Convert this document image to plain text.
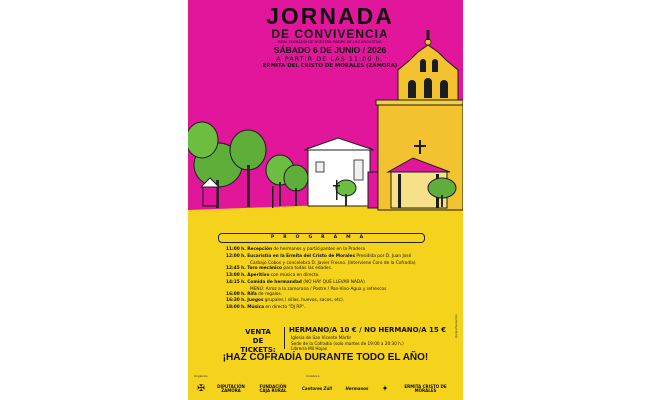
JORNADA
DE CONVIVENCIA
REAL COFRADÍA DE NUESTRA MADRE DE LAS ANGUSTIAS
SÁBADO 6 DE JUNIO / 2026
A PARTIR DE LAS 11:00 h.
ERMITA DEL CRISTO DE MORALES (ZAMORA)
PROGRAMA
11:00 h. Recepción de hermanos y participantes en la Pradera
12:00 h. Eucaristía en la Ermita del Cristo de Morales Presidida por D. Juan José
Carbajo Cobos y concelebra D. Javier Fresno. (Interviene Coro de la Cofradía)
12:45 h. Toro mecánico para todas las edades.
13:00 h. Aperitivo con música en directo.
14:15 h. Comida de hermandad (NO HAY QUE LLEVAR NADA)
MENÚ: Arroz a la zamorana / Postre / Pan-Vino-Agua y refrescos
16:00 h. Rifa de regalos.
16:30 h. Juegos grupales ( sillas, huevos, sacos, etc).
18:00 h. Música en directo "DJ RP".
VENTA
DE TICKETS:
HERMANO/A 10 € / NO HERMANO/A 15 €
Iglesia de San Vicente Mártir
Sede de la Cofradía (solo martes de 19:00 a 20:30 h.)
Librería Mil Hojas
¡HAZ COFRADÍA DURANTE TODO EL AÑO!
@angustiaszamora
Organiza	Colabora
✠	DIPUTACIÓN ZAMORA
FUNDACIÓN CAJA RURAL	Cantores Zúll	Hermanos	✦	ERMITA CRISTO DE MORALES
